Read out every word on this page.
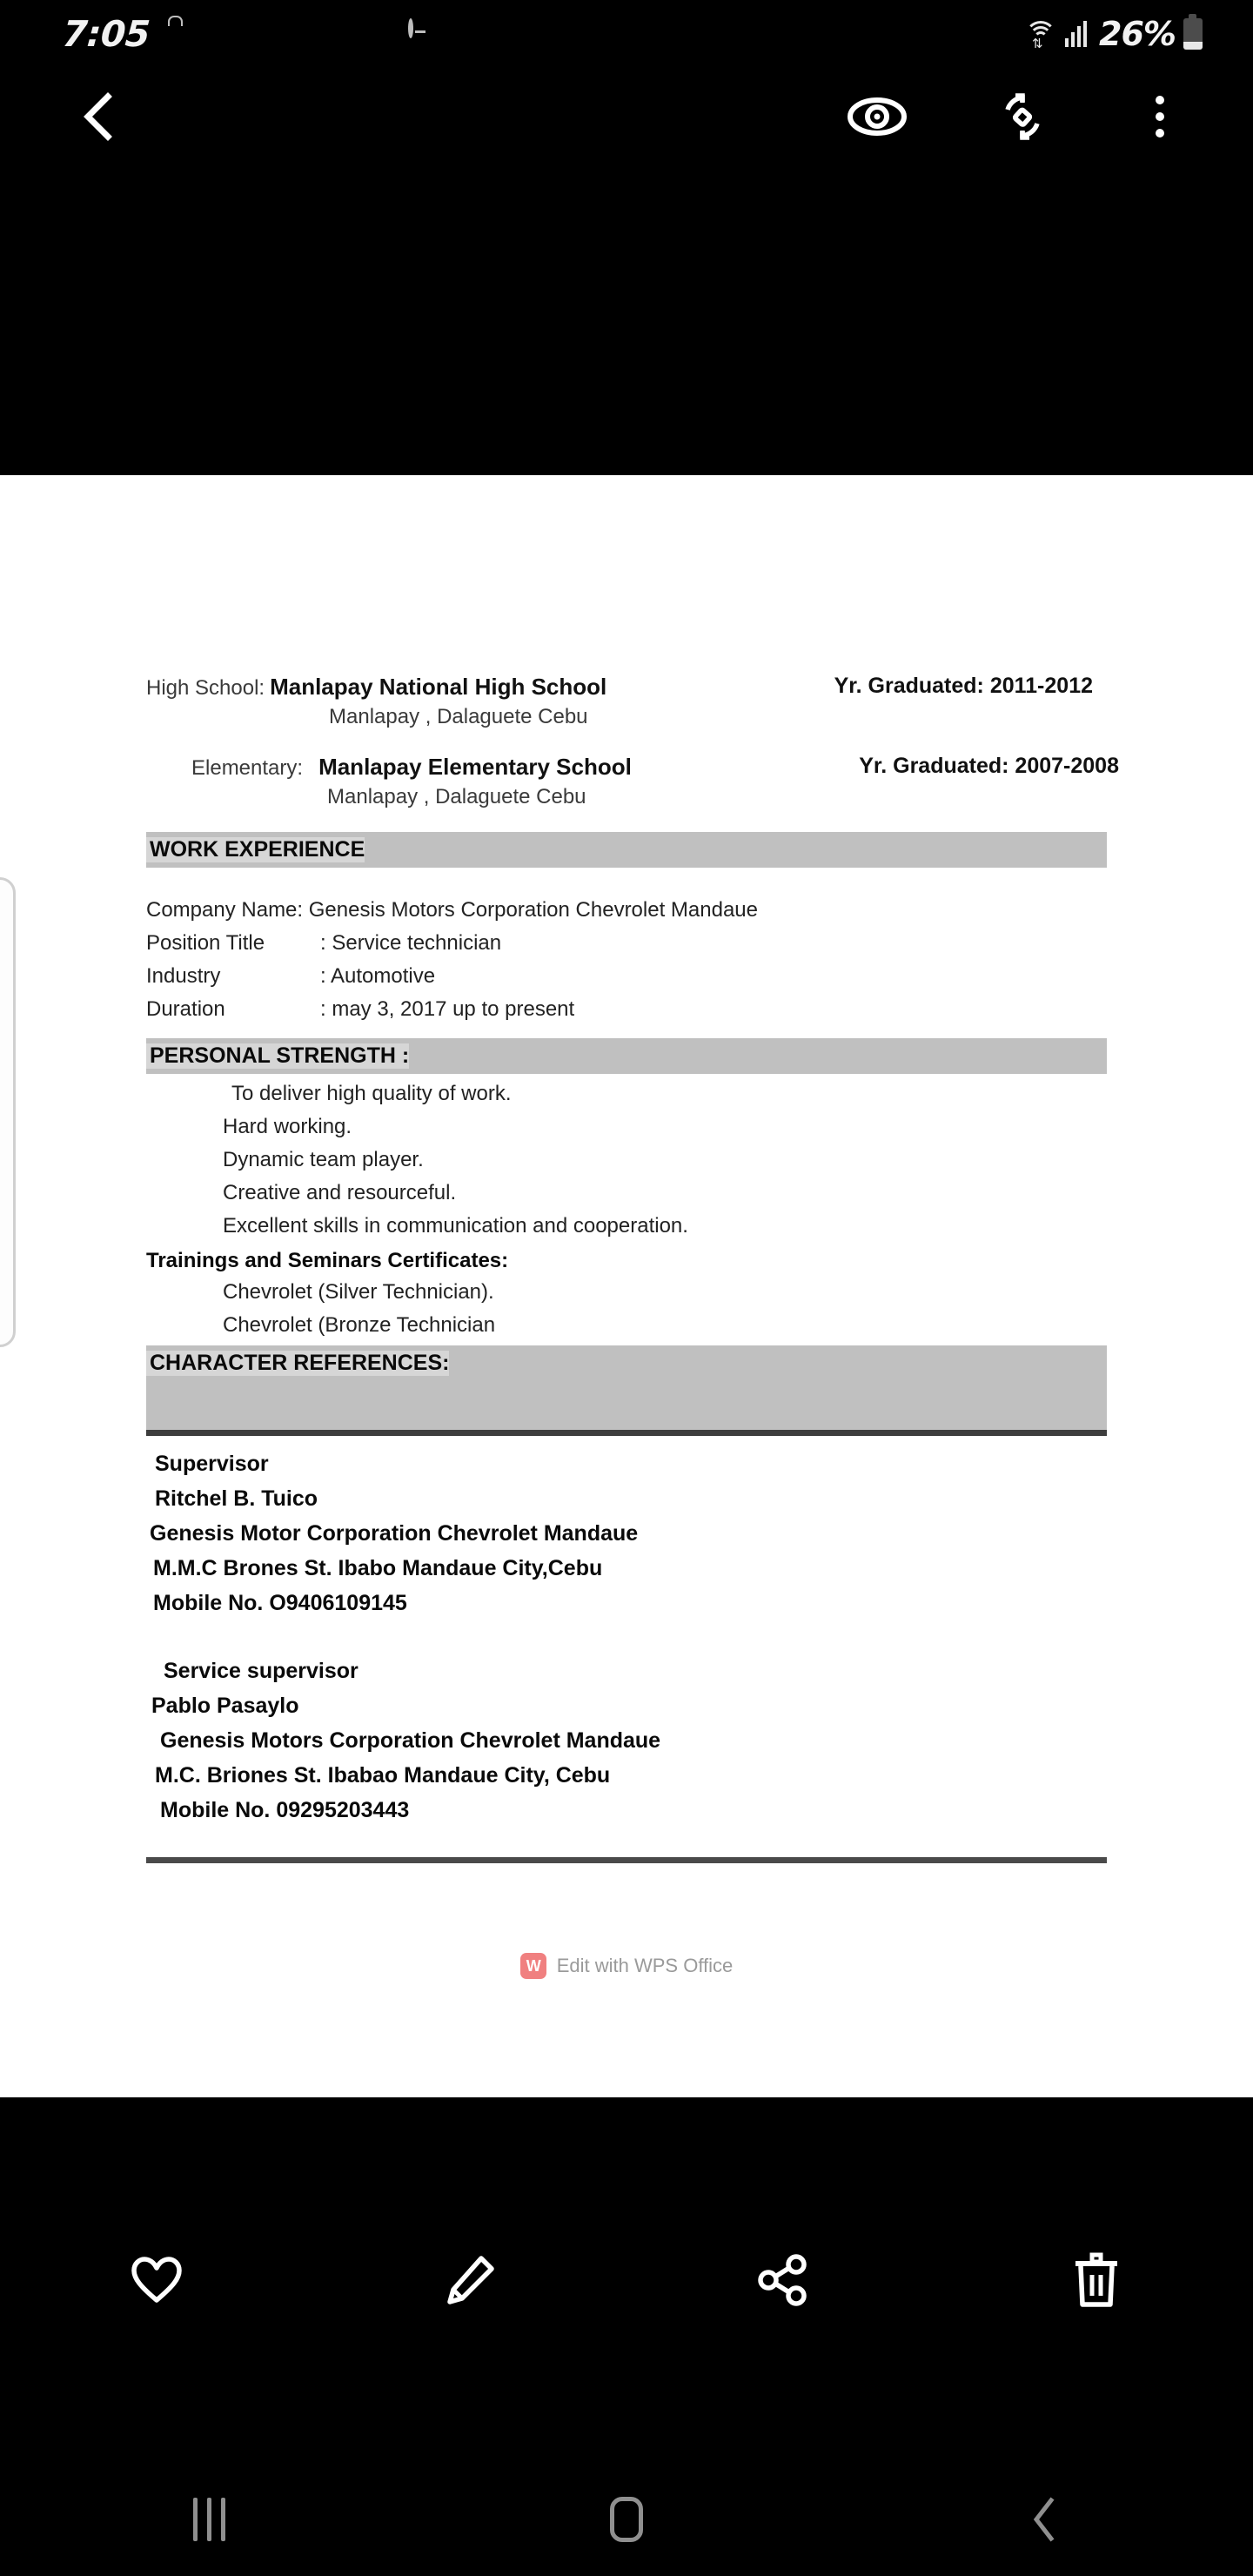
7:05	⇅ 26%
High School: Manlapay National High School	Yr. Graduated: 2011-2012
Manlapay , Dalaguete Cebu
Elementary: Manlapay Elementary School	Yr. Graduated: 2007-2008
Manlapay , Dalaguete Cebu
WORK EXPERIENCE
Company Name: Genesis Motors Corporation Chevrolet Mandaue
Position Title	: Service technician
Industry	: Automotive
Duration	: may 3, 2017 up to present
PERSONAL STRENGTH :
To deliver high quality of work.
Hard working.
Dynamic team player.
Creative and resourceful.
Excellent skills in communication and cooperation.
Trainings and Seminars Certificates:
Chevrolet (Silver Technician).
Chevrolet (Bronze Technician
CHARACTER REFERENCES:
Supervisor
Ritchel B. Tuico
Genesis Motor Corporation Chevrolet Mandaue
M.M.C Brones St. Ibabo Mandaue City,Cebu
Mobile No. O9406109145
Service supervisor
Pablo Pasaylo
Genesis Motors Corporation Chevrolet Mandaue
M.C. Briones St. Ibabao Mandaue City, Cebu
Mobile No. 09295203443
W Edit with WPS Office
